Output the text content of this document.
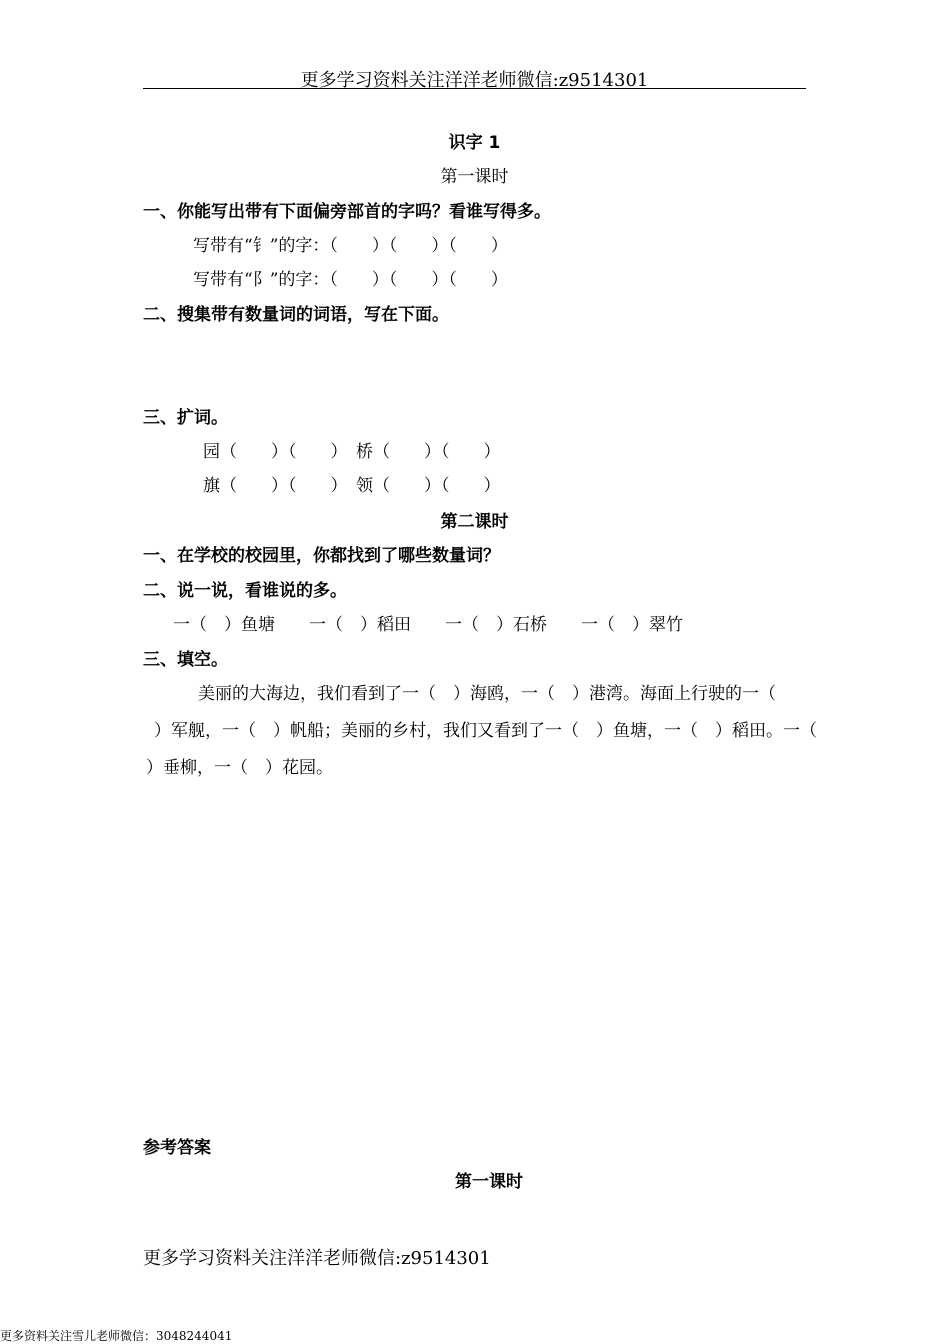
更多学习资料关注洋洋老师微信:z9514301
识字 1
第一课时
一、你能写出带有下面偏旁部首的字吗？看谁写得多。
写带有“钅”的字：（　　）（　　）（　　）
写带有“阝”的字：（　　）（　　）（　　）
二、搜集带有数量词的词语，写在下面。
三、扩词。
园（　　）（　　）　桥（　　）（　　）
旗（　　）（　　）　领（　　）（　　）
第二课时
一、在学校的校园里，你都找到了哪些数量词？
二、说一说，看谁说的多。
一（　）鱼塘　　一（　）稻田　　一（　）石桥　　一（　）翠竹
三、填空。
美丽的大海边，我们看到了一（　）海鸥，一（　）港湾。海面上行驶的一（
）军舰，一（　）帆船；美丽的乡村，我们又看到了一（　）鱼塘，一（　）稻田。一（
）垂柳，一（　）花园。
参考答案
第一课时
更多学习资料关注洋洋老师微信:z9514301
更多资料关注雪儿老师微信：3048244041
